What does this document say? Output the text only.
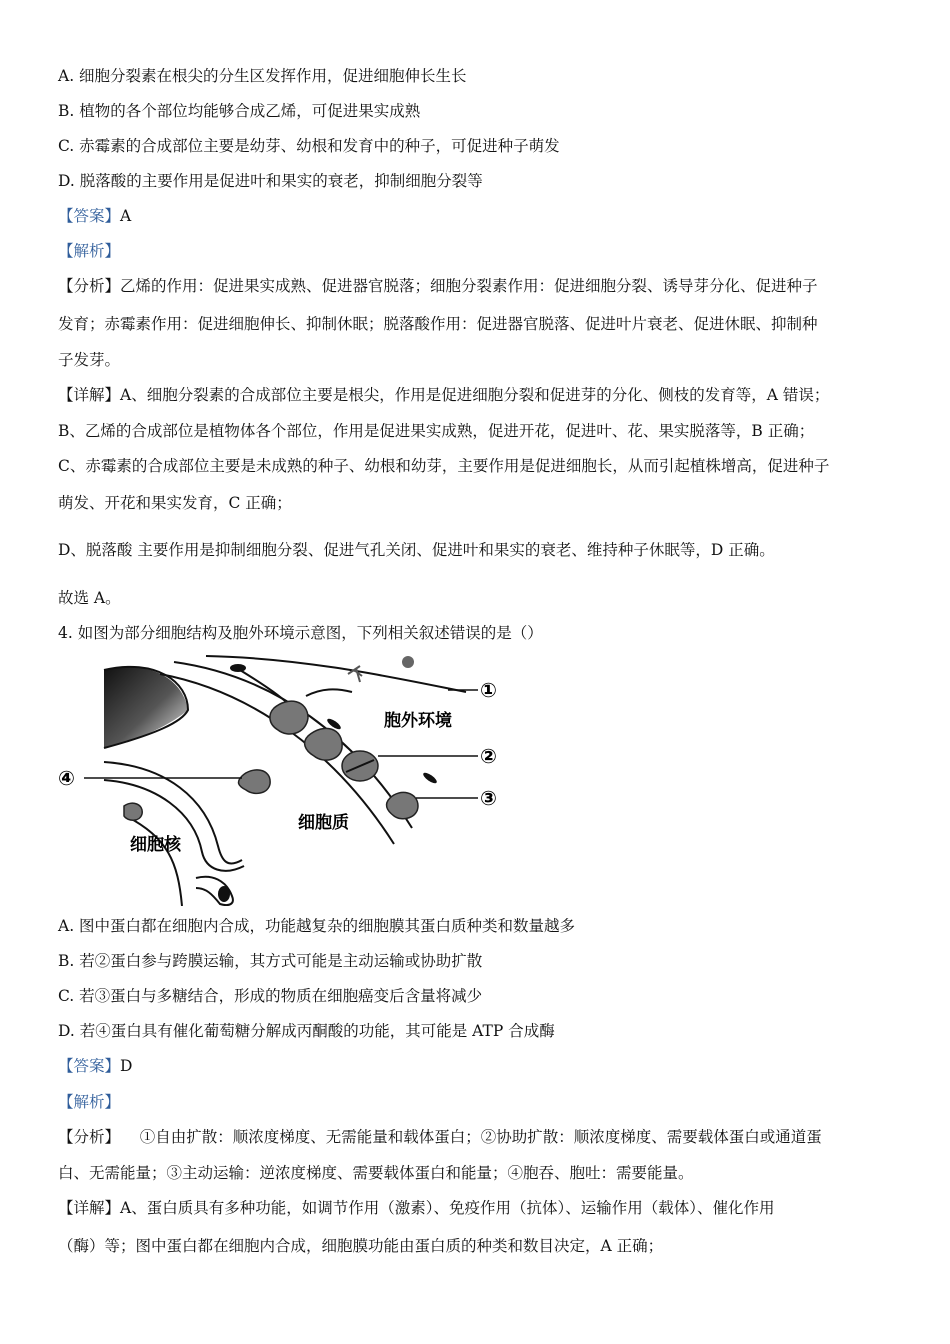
A. 细胞分裂素在根尖的分生区发挥作用，促进细胞伸长生长
B. 植物的各个部位均能够合成乙烯，可促进果实成熟
C. 赤霉素的合成部位主要是幼芽、幼根和发育中的种子，可促进种子萌发
D. 脱落酸的主要作用是促进叶和果实的衰老，抑制细胞分裂等
【答案】A
【解析】
【分析】乙烯的作用：促进果实成熟、促进器官脱落；细胞分裂素作用：促进细胞分裂、诱导芽分化、促进种子
发育；赤霉素作用：促进细胞伸长、抑制休眠；脱落酸作用：促进器官脱落、促进叶片衰老、促进休眠、抑制种
子发芽。
【详解】A、细胞分裂素的合成部位主要是根尖，作用是促进细胞分裂和促进芽的分化、侧枝的发育等，A 错误；
B、乙烯的合成部位是植物体各个部位，作用是促进果实成熟，促进开花，促进叶、花、果实脱落等，B 正确；
C、赤霉素的合成部位主要是未成熟的种子、幼根和幼芽，主要作用是促进细胞长，从而引起植株增高，促进种子
萌发、开花和果实发育，C 正确；
D、脱落酸 主要作用是抑制细胞分裂、促进气孔关闭、促进叶和果实的衰老、维持种子休眠等，D 正确。
故选 A。
4. 如图为部分细胞结构及胞外环境示意图，下列相关叙述错误的是（）
①
②
③
④
胞外环境
细胞质
细胞核
A. 图中蛋白都在细胞内合成，功能越复杂的细胞膜其蛋白质种类和数量越多
B. 若②蛋白参与跨膜运输，其方式可能是主动运输或协助扩散
C. 若③蛋白与多糖结合，形成的物质在细胞癌变后含量将减少
D. 若④蛋白具有催化葡萄糖分解成丙酮酸的功能，其可能是 ATP 合成酶
【答案】D
【解析】
【分析】    ①自由扩散：顺浓度梯度、无需能量和载体蛋白；②协助扩散：顺浓度梯度、需要载体蛋白或通道蛋
白、无需能量；③主动运输：逆浓度梯度、需要载体蛋白和能量；④胞吞、胞吐：需要能量。
【详解】A、蛋白质具有多种功能，如调节作用（激素）、免疫作用（抗体）、运输作用（载体）、催化作用
（酶）等；图中蛋白都在细胞内合成，细胞膜功能由蛋白质的种类和数目决定，A 正确；
